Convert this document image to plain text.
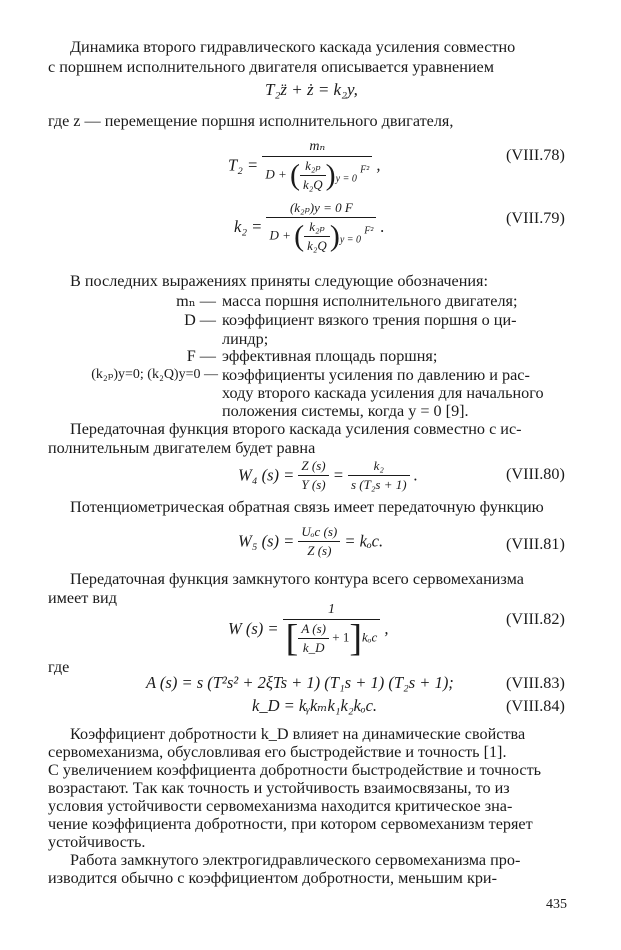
Динамика второго гидравлического каскада усиления совместно
с поршнем исполнительного двигателя описывается уравнением
T₂z̈ + ż = k₂y,
где z — перемещение поршня исполнительного двигателя,
$T_2 = \frac{\text{mₙ}}{D + ( \frac{\text{k₂ₚ}}{\text{k₂Q}} )_{y = 0} ^{F^2}}$ ,
(VIII.78)
$k_2 = \frac{\text{(k₂ₚ)y = 0 F}}{D + ( \frac{\text{k₂ₚ}}{\text{k₂Q}} )_{y = 0} ^{F^2}}$ .	(VIII.79)
В последних выражениях приняты следующие обозначения:
mₙ — масса поршня исполнительного двигателя;
D — коэффициент вязкого трения поршня о ци-
линдр;
F — эффективная площадь поршня;
(k₂ₚ)y=0; (k₂Q)y=0 — коэффициенты усиления по давлению и рас-
ходу второго каскада усиления для начального
положения системы, когда y = 0 [9].
Передаточная функция второго каскада усиления совместно с ис-
полнительным двигателем будет равна
W₄ $(s) = \frac{Z (s)}{Y (s)} = \frac{\text{k₂}}{\text{s (T₂s + 1)}}$ .	(VIII.80)
Потенциометрическая обратная связь имеет передаточную функцию
W₅ $(s) = \frac{\text{Uₒc (s)}}{Z (s)} = k_oc$.	(VIII.81)
Передаточная функция замкнутого контура всего сервомеханизма
имеет вид
W $(s) = \frac{1}{[ \frac{A (s)}{k\_D} + 1]k_oc}$ ,	(VIII.82)
где
A (s) = s (T²s² + 2ξTs + 1) (T₁s + 1) (T₂s + 1);	(VIII.83)
k_D = kᵧkₘk₁k₂kₒc.	(VIII.84)
Коэффициент добротности k_D влияет на динамические свойства
сервомеханизма, обусловливая его быстродействие и точность [1].
С увеличением коэффициента добротности быстродействие и точность
возрастают. Так как точность и устойчивость взаимосвязаны, то из
условия устойчивости сервомеханизма находится критическое зна-
чение коэффициента добротности, при котором сервомеханизм теряет
устойчивость.
Работа замкнутого электрогидравлического сервомеханизма про-
изводится обычно с коэффициентом добротности, меньшим кри-
435
